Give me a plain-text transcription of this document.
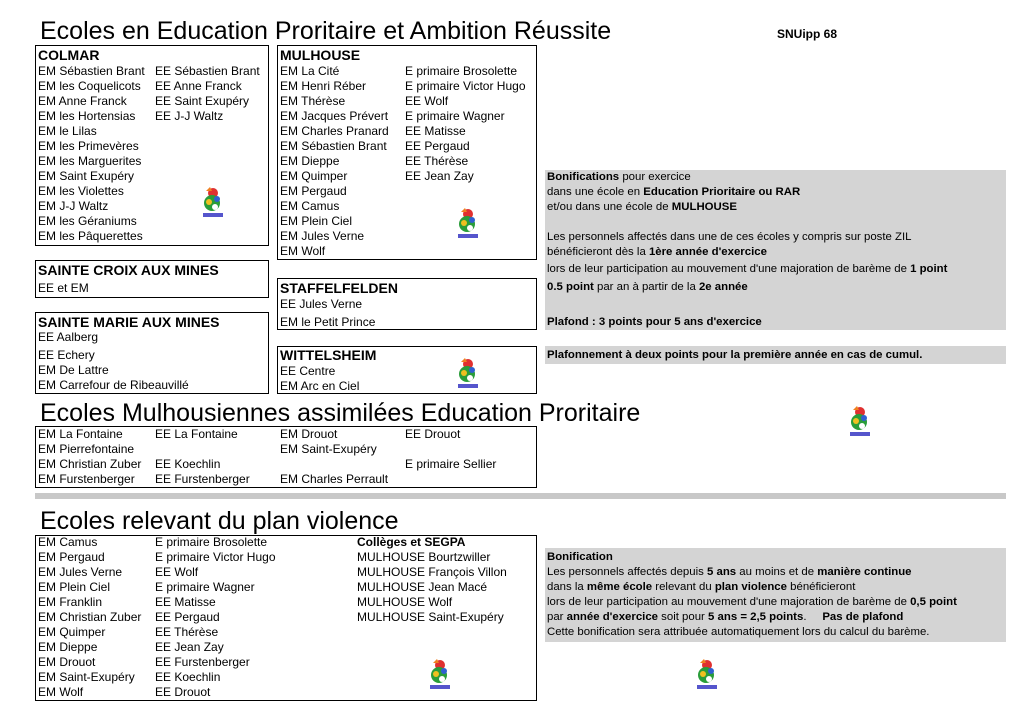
Ecoles en Education Proritaire et Ambition Réussite	SNUipp 68
COLMAR
EM Sébastien Brant
EM les Coquelicots
EM Anne Franck
EM les Hortensias
EM le Lilas
EM les Primevères
EM les Marguerites
EM Saint Exupéry
EM les Violettes
EM J-J Waltz
EM les Géraniums
EM les Pâquerettes
EE Sébastien Brant
EE Anne Franck
EE Saint Exupéry
EE J-J Waltz
MULHOUSE
EM La Cité
EM Henri Réber
EM Thérèse
EM Jacques Prévert
EM Charles Pranard
EM Sébastien Brant
EM Dieppe
EM Quimper
EM Pergaud
EM Camus
EM Plein Ciel
EM Jules Verne
EM Wolf
E primaire Brosolette
E primaire Victor Hugo
EE Wolf
E primaire Wagner
EE Matisse
EE Pergaud
EE Thérèse
EE Jean Zay
SAINTE CROIX AUX MINES
EE et EM	STAFFELFELDEN
EE Jules Verne
EM le Petit Prince
SAINTE MARIE AUX MINES
EE Aalberg
EE Echery
EM De Lattre
EM Carrefour de Ribeauvillé
WITTELSHEIM
EE Centre
EM Arc en Ciel
Bonifications pour exercice
dans une école en Education Prioritaire ou RAR
et/ou dans une école de MULHOUSE
Les personnels affectés dans une de ces écoles y compris sur poste ZIL
bénéficieront dès la 1ère année d'exercice
lors de leur participation au mouvement d'une majoration de barème de 1 point
0.5 point par an à partir de la 2e année
Plafond : 3 points pour 5 ans d'exercice
Plafonnement à deux points pour la première année en cas de cumul.
Ecoles Mulhousiennes assimilées Education Proritaire
EM La Fontaine
EM Pierrefontaine
EM Christian Zuber
EM Furstenberger
EE La Fontaine
EE Koechlin
EE Furstenberger
EM Drouot
EM Saint-Exupéry
EM Charles Perrault
EE Drouot
E primaire Sellier
Ecoles relevant du plan violence
EM Camus
EM Pergaud
EM Jules Verne
EM Plein Ciel
EM Franklin
EM Christian Zuber
EM Quimper
EM Dieppe
EM Drouot
EM Saint-Exupéry
EM Wolf
E primaire Brosolette
E primaire Victor Hugo
EE Wolf
E primaire Wagner
EE Matisse
EE Pergaud
EE Thérèse
EE Jean Zay
EE Furstenberger
EE Koechlin
EE Drouot
Collèges et SEGPA
MULHOUSE Bourtzwiller
MULHOUSE François Villon
MULHOUSE Jean Macé
MULHOUSE Wolf
MULHOUSE Saint-Exupéry
Bonification
Les personnels affectés depuis 5 ans au moins et de manière continue
dans la même école relevant du plan violence bénéficieront
lors de leur participation au mouvement d'une majoration de barème de 0,5 point
par année d'exercice soit pour 5 ans = 2,5 points.     Pas de plafond
Cette bonification sera attribuée automatiquement lors du calcul du barème.
